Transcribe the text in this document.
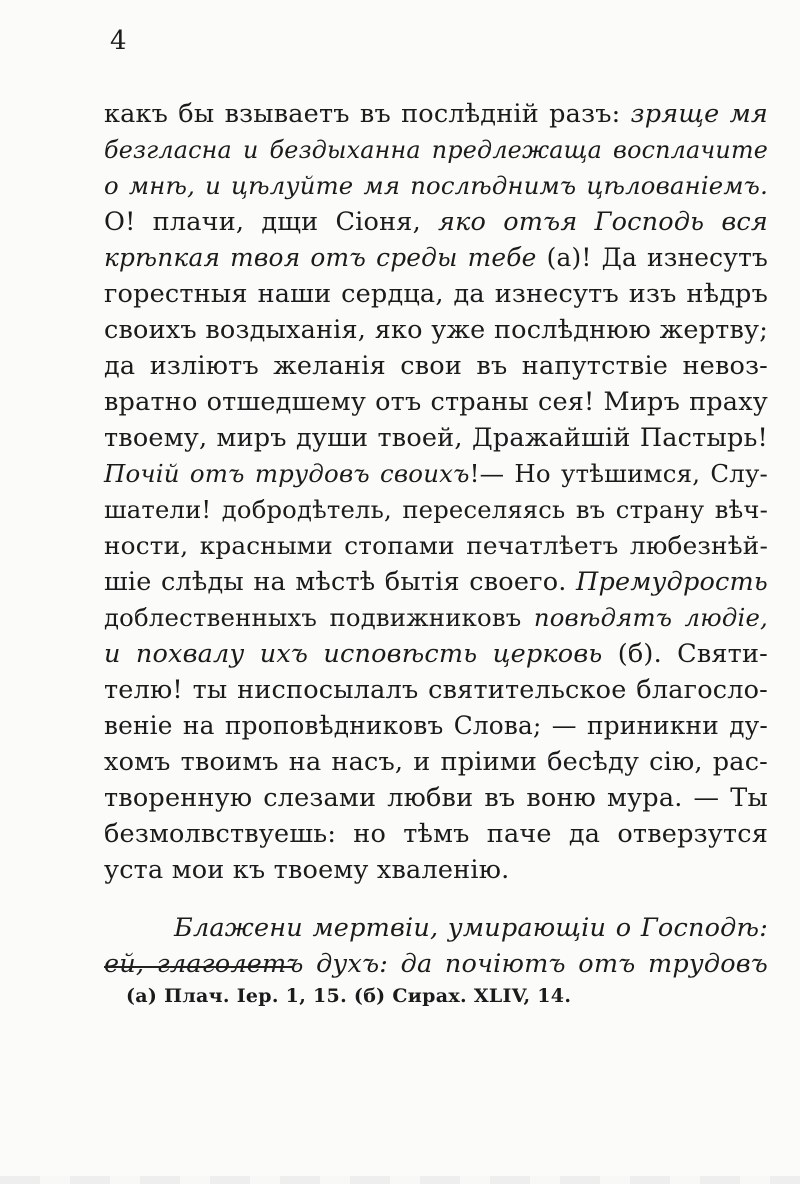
4
какъ бы взываетъ въ послѣдній разъ: зряще мя
безгласна и бездыханна предлежаща восплачите
о мнѣ, и цѣлуйте мя послѣднимъ цѣлованіемъ.
О! плачи, дщи Сіоня, яко отъя Господь вся
крѣпкая твоя отъ среды тебе (а)! Да изнесутъ
горестныя наши сердца, да изнесутъ изъ нѣдръ
своихъ воздыханія, яко уже послѣднюю жертву;
да изліютъ желанія свои въ напутствіе невоз-
вратно отшедшему отъ страны сея! Миръ праху
твоему, миръ души твоей, Дражайшій Пастырь!
Почій отъ трудовъ своихъ!— Но утѣшимся, Слу-
шатели! добродѣтель, переселяясь въ страну вѣч-
ности, красными стопами печатлѣетъ любезнѣй-
шіе слѣды на мѣстѣ бытія своего. Премудрость
доблественныхъ подвижниковъ повѣдятъ людіе,
и похвалу ихъ исповѣсть церковь (б). Святи-
телю! ты ниспосылалъ святительское благосло-
веніе на проповѣдниковъ Слова; — приникни ду-
хомъ твоимъ на насъ, и пріими бесѣду сію, рас-
творенную слезами любви въ воню мура. — Ты
безмолвствуешь: но тѣмъ паче да отверзутся
уста мои къ твоему хваленію.
Блажени мертвіи, умирающіи о Господѣ:
ей, глаголетъ духъ: да почіютъ отъ трудовъ
(а) Плач. Іер. 1, 15. (б) Сирах. XLIV, 14.
